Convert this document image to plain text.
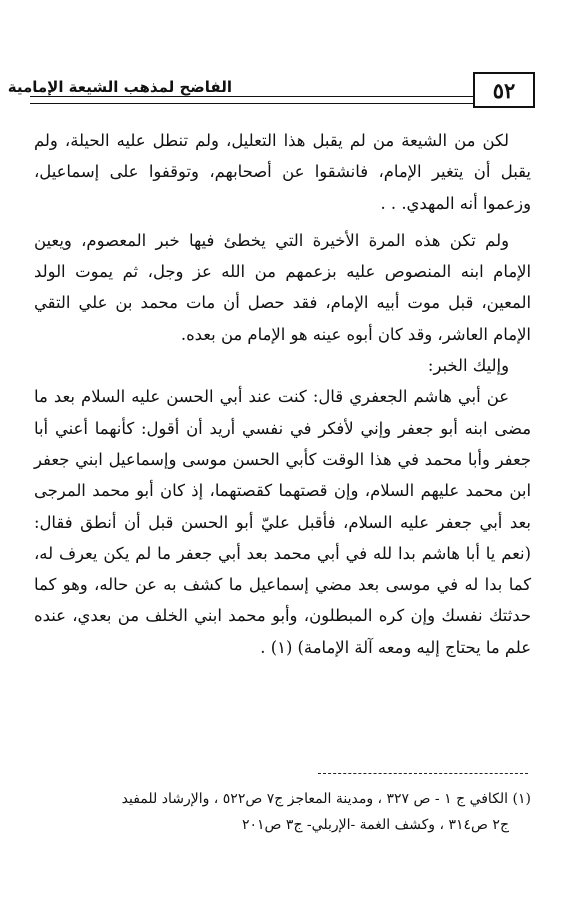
٥٢
الفاضح لمذهب الشيعة الإمامية

لكن من الشيعة من لم يقبل هذا التعليل، ولم تنطل عليه الحيلة، ولم يقبل أن يتغير الإمام، فانشقوا عن أصحابهم، وتوقفوا على إسماعيل، وزعموا أنه المهدي. . .

ولم تكن هذه المرة الأخيرة التي يخطئ فيها خبر المعصوم، ويعين الإمام ابنه المنصوص عليه بزعمهم من الله عز وجل، ثم يموت الولد المعين، قبل موت أبيه الإمام، فقد حصل أن مات محمد بن علي التقي الإمام العاشر، وقد كان أبوه عينه هو الإمام من بعده.

وإليك الخبر:

عن أبي هاشم الجعفري قال: كنت عند أبي الحسن عليه السلام بعد ما مضى ابنه أبو جعفر وإني لأفكر في نفسي أريد أن أقول: كأنهما أعني أبا جعفر وأبا محمد في هذا الوقت كأبي الحسن موسى وإسماعيل ابني جعفر ابن محمد عليهم السلام، وإن قصتهما كقصتهما، إذ كان أبو محمد المرجى بعد أبي جعفر عليه السلام، فأقبل عليّ أبو الحسن قبل أن أنطق فقال: (نعم يا أبا هاشم بدا لله في أبي محمد بعد أبي جعفر ما لم يكن يعرف له، كما بدا له في موسى بعد مضي إسماعيل ما كشف به عن حاله، وهو كما حدثتك نفسك وإن كره المبطلون، وأبو محمد ابني الخلف من بعدي، عنده علم ما يحتاج إليه ومعه آلة الإمامة) (١) .

(١) الكافي ج ١ - ص ٣٢٧ ، ومدينة المعاجز ج٧ ص٥٢٢ ، والإرشاد للمفيد

ج٢ ص٣١٤ ، وكشف الغمة -الإربلي- ج٣ ص٢٠١
